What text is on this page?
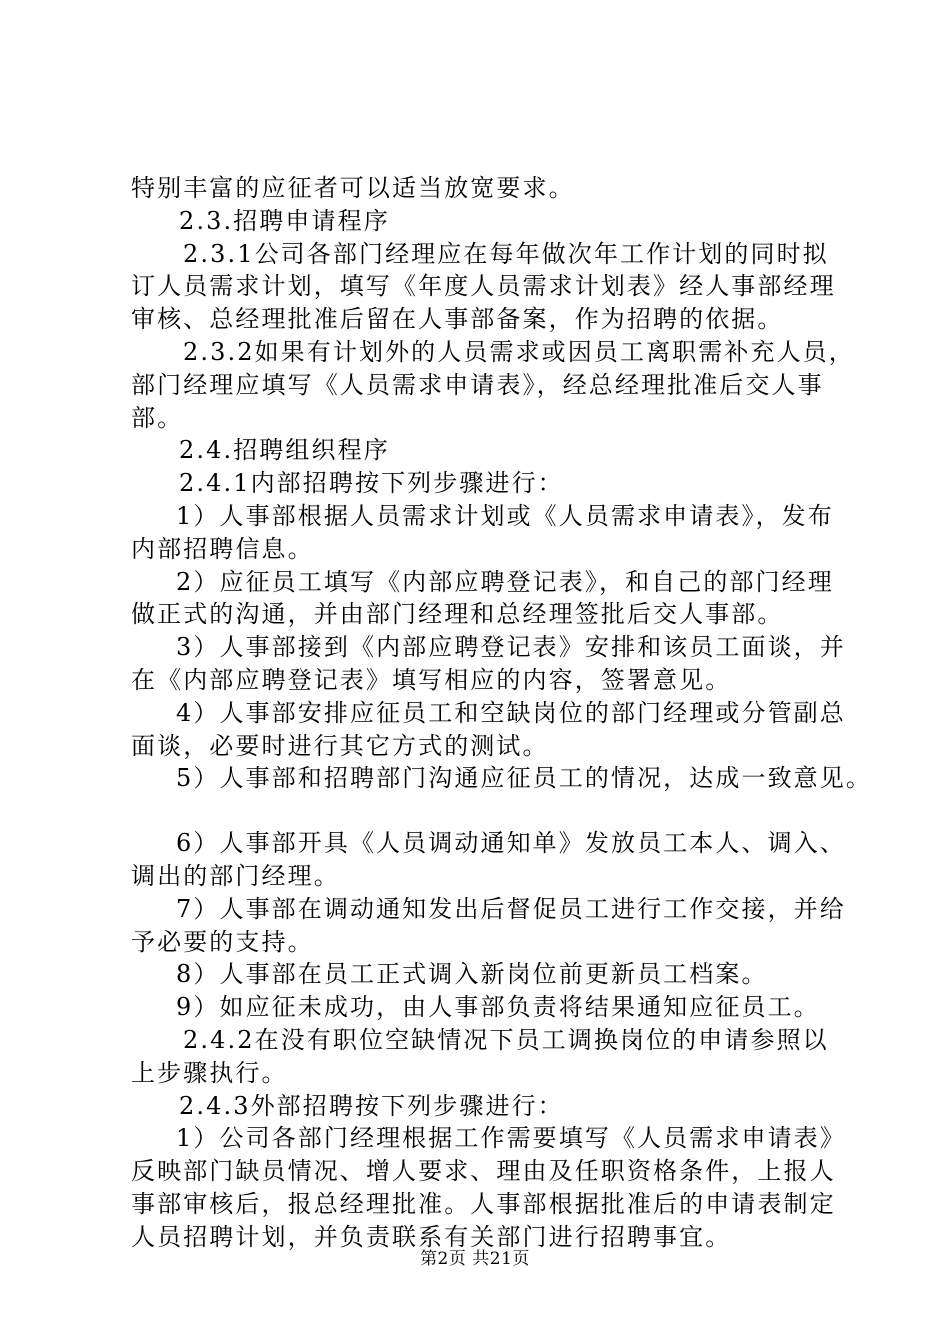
特别丰富的应征者可以适当放宽要求。
2.3.招聘申请程序
2.3.1公司各部门经理应在每年做次年工作计划的同时拟
订人员需求计划，填写《年度人员需求计划表》经人事部经理
审核、总经理批准后留在人事部备案，作为招聘的依据。
2.3.2如果有计划外的人员需求或因员工离职需补充人员，
部门经理应填写《人员需求申请表》，经总经理批准后交人事
部。
2.4.招聘组织程序
2.4.1内部招聘按下列步骤进行：
1）人事部根据人员需求计划或《人员需求申请表》，发布
内部招聘信息。
2）应征员工填写《内部应聘登记表》，和自己的部门经理
做正式的沟通，并由部门经理和总经理签批后交人事部。
3）人事部接到《内部应聘登记表》安排和该员工面谈，并
在《内部应聘登记表》填写相应的内容，签署意见。
4）人事部安排应征员工和空缺岗位的部门经理或分管副总
面谈，必要时进行其它方式的测试。
5）人事部和招聘部门沟通应征员工的情况，达成一致意见。
6）人事部开具《人员调动通知单》发放员工本人、调入、
调出的部门经理。
7）人事部在调动通知发出后督促员工进行工作交接，并给
予必要的支持。
8）人事部在员工正式调入新岗位前更新员工档案。
9）如应征未成功，由人事部负责将结果通知应征员工。
2.4.2在没有职位空缺情况下员工调换岗位的申请参照以
上步骤执行。
2.4.3外部招聘按下列步骤进行：
1）公司各部门经理根据工作需要填写《人员需求申请表》
反映部门缺员情况、增人要求、理由及任职资格条件，上报人
事部审核后，报总经理批准。人事部根据批准后的申请表制定
人员招聘计划，并负责联系有关部门进行招聘事宜。
第2页 共21页
